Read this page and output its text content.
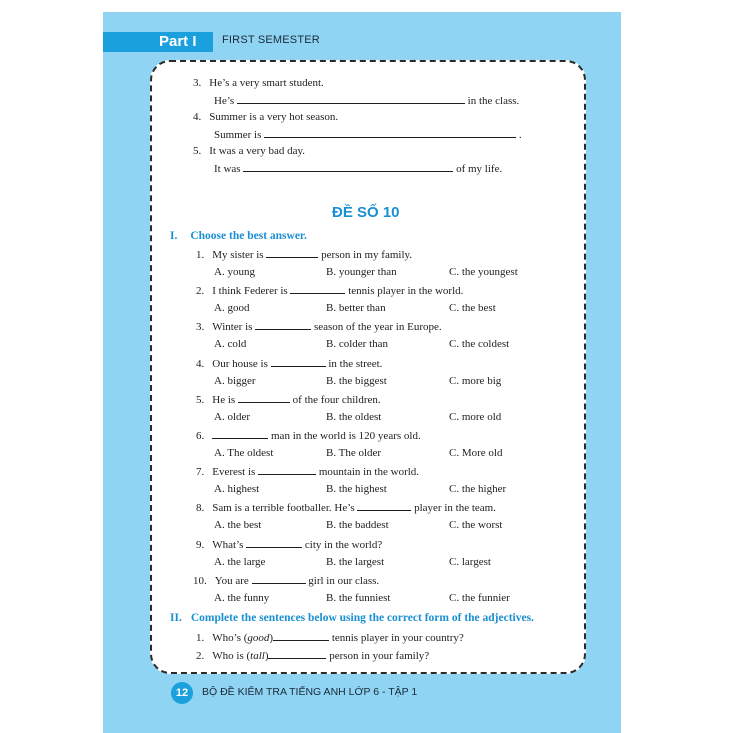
Part I	FIRST SEMESTER
3. He’s a very smart student.
He’s	in the class.
4. Summer is a very hot season.
Summer is	.
5. It was a very bad day.
It was	of my life.
ĐỀ SỐ 10
I. Choose the best answer.
1. My sister is	person in my family.
A. young	B. younger than	C. the youngest
2. I think Federer is	tennis player in the world.
A. good	B. better than	C. the best
3. Winter is	season of the year in Europe.
A. cold	B. colder than	C. the coldest
4. Our house is	in the street.
A. bigger	B. the biggest	C. more big
5. He is	of the four children.
A. older	B. the oldest	C. more old
6.	man in the world is 120 years old.
A. The oldest	B. The older	C. More old
7. Everest is	mountain in the world.
A. highest	B. the highest	C. the higher
8. Sam is a terrible footballer. He’s	player in the team.
A. the best	B. the baddest	C. the worst
9. What’s	city in the world?
A. the large	B. the largest	C. largest
10. You are	girl in our class.
A. the funny	B. the funniest	C. the funnier
II. Complete the sentences below using the correct form of the adjectives.
1. Who’s (good)	tennis player in your country?
2. Who is (tall)	person in your family?
12	BỘ ĐỀ KIỂM TRA TIẾNG ANH LỚP 6 - TẬP 1
